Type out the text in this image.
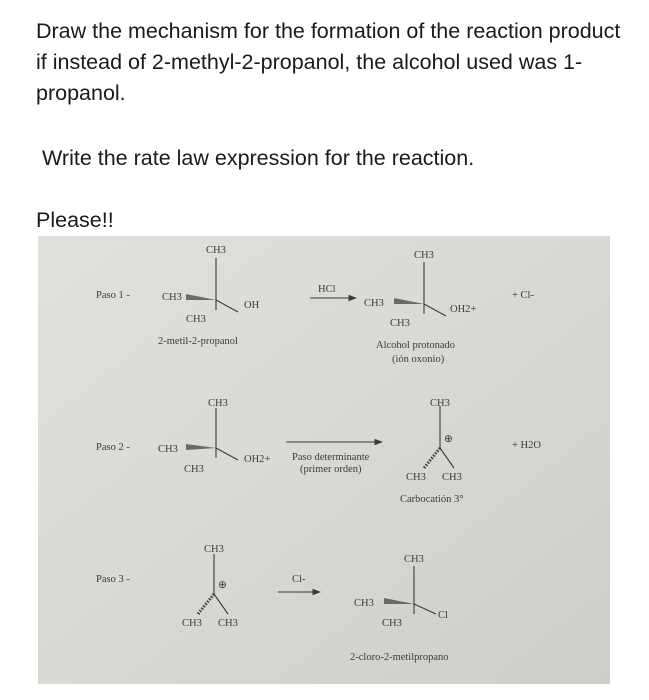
Draw the mechanism for the formation of the reaction product if instead of 2-methyl-2-propanol, the alcohol used was 1-propanol.

Write the rate law expression for the reaction.

Please!!

Paso 1 -
CH3
CH3
CH3
OH
2-metil-2-propanol
HCl
CH3
CH3
CH3
OH2+
Alcohol protonado
(ión oxonio)
+ Cl-
Paso 2 -
CH3
CH3
CH3
OH2+ Paso determinante
(primer orden)
CH3
⊕
CH3 CH3
Carbocatión 3°
+ H2O
Paso 3 -
CH3
⊕
CH3 CH3
Cl-
CH3
CH3
CH3
Cl
2-cloro-2-metilpropano
